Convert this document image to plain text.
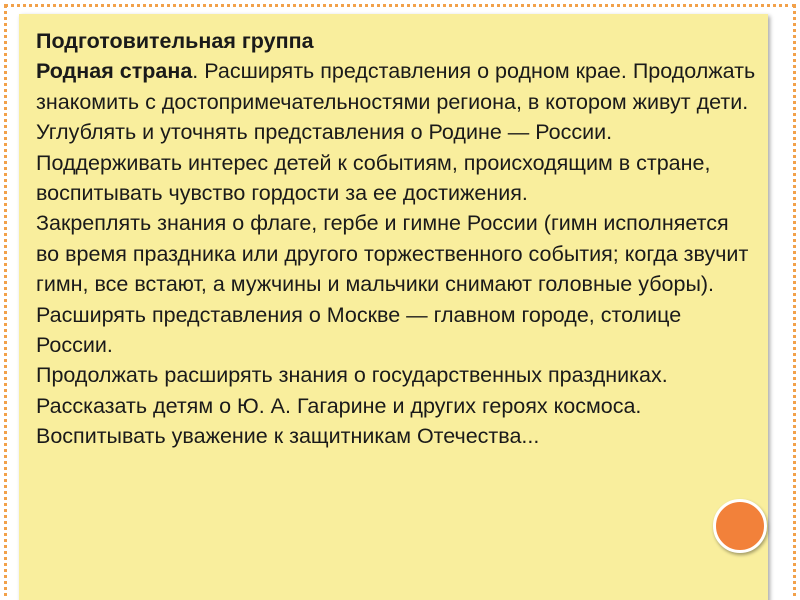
Подготовительная группа

Родная страна. Расширять представления о родном крае. Продолжать знакомить с достопримечательностями региона, в котором живут дети.

Углублять и уточнять представления о Родине — России. Поддерживать интерес детей к событиям, происходящим в стране, воспитывать чувство гордости за ее достижения.

Закреплять знания о флаге, гербе и гимне России (гимн исполняется во время праздника или другого торжественного события; когда звучит гимн, все встают, а мужчины и мальчики снимают головные уборы).

Расширять представления о Москве — главном городе, столице России.

Продолжать расширять знания о государственных праздниках. Рассказать детям о Ю. А. Гагарине и других героях космоса.

Воспитывать уважение к защитникам Отечества...
